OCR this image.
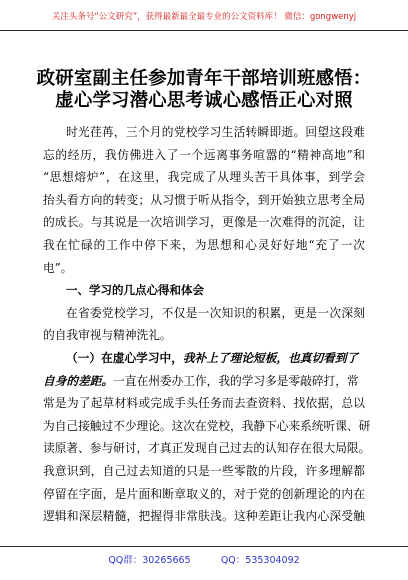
关注头条号“公文研究”，获得最新最全最专业的公文资料库！ 微信：gongwenyj
政研室副主任参加青年干部培训班感悟：
虚心学习潜心思考诚心感悟正心对照
时光荏苒，三个月的党校学习生活转瞬即逝。回望这段难
忘的经历，我仿佛进入了一个远离事务喧嚣的“精神高地”和
“思想熔炉”，在这里，我完成了从埋头苦干具体事，到学会
抬头看方向的转变；从习惯于听从指令，到开始独立思考全局
的成长。与其说是一次培训学习，更像是一次难得的沉淀，让
我在忙碌的工作中停下来，为思想和心灵好好地“充了一次
电”。
一、学习的几点心得和体会
在省委党校学习，不仅是一次知识的积累，更是一次深刻
的自我审视与精神洗礼。
（一）在虚心学习中，我补上了理论短板，也真切看到了
自身的差距。一直在州委办工作，我的学习多是零敲碎打，常
常是为了起草材料或完成手头任务而去查资料、找依据，总以
为自己接触过不少理论。这次在党校，我静下心来系统听课、研
读原著、参与研讨，才真正发现自己过去的认知存在很大局限。
我意识到，自己过去知道的只是一些零散的片段，许多理解都
停留在字面，是片面和断章取义的，对于党的创新理论的内在
逻辑和深层精髓，把握得非常肤浅。这种差距让我内心深受触
QQ群：30265665          QQ：535304092
